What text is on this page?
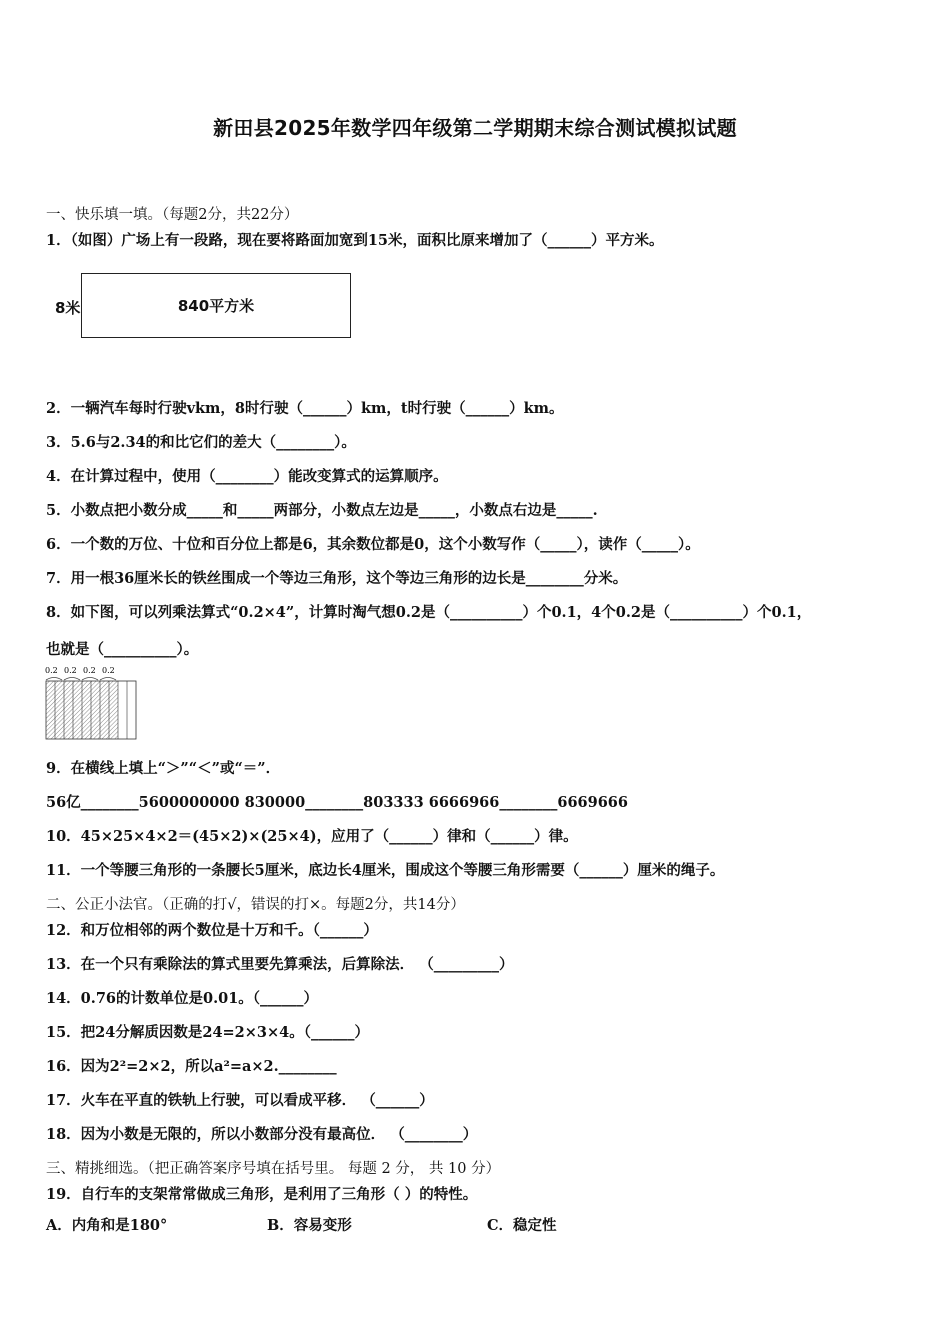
新田县2025年数学四年级第二学期期末综合测试模拟试题
一、快乐填一填。（每题2分，共22分）
1．（如图）广场上有一段路，现在要将路面加宽到15米，面积比原来增加了（______）平方米。
8米	840平方米
2．一辆汽车每时行驶vkm，8时行驶（______）km，t时行驶（______）km。
3．5.6与2.34的和比它们的差大（________）。
4．在计算过程中，使用（________）能改变算式的运算顺序。
5．小数点把小数分成_____和_____两部分，小数点左边是_____，小数点右边是_____.
6．一个数的万位、十位和百分位上都是6，其余数位都是0，这个小数写作（_____），读作（_____）。
7．用一根36厘米长的铁丝围成一个等边三角形，这个等边三角形的边长是________分米。
8．如下图，可以列乘法算式“0.2×4”，计算时淘气想0.2是（__________）个0.1，4个0.2是（__________）个0.1，
也就是（__________）。
0.2 0.2 0.2 0.2
9．在横线上填上“＞”“＜”或“＝”．
56亿________5600000000 830000________803333 6666966________6669666
10．45×25×4×2＝(45×2)×(25×4)，应用了（______）律和（______）律。
11．一个等腰三角形的一条腰长5厘米，底边长4厘米，围成这个等腰三角形需要（______）厘米的绳子。
二、公正小法官。（正确的打√，错误的打×。每题2分，共14分）
12．和万位相邻的两个数位是十万和千。（______）
13．在一个只有乘除法的算式里要先算乘法，后算除法． （_________）
14．0.76的计数单位是0.01。（______）
15．把24分解质因数是24=2×3×4。（______）
16．因为2²=2×2，所以a²=a×2.________
17．火车在平直的铁轨上行驶，可以看成平移． （______）
18．因为小数是无限的，所以小数部分没有最高位． （________）
三、精挑细选。（把正确答案序号填在括号里。 每题 2 分， 共 10 分）
19．自行车的支架常常做成三角形，是利用了三角形（ ）的特性。
A．内角和是180°	B．容易变形	C．稳定性
